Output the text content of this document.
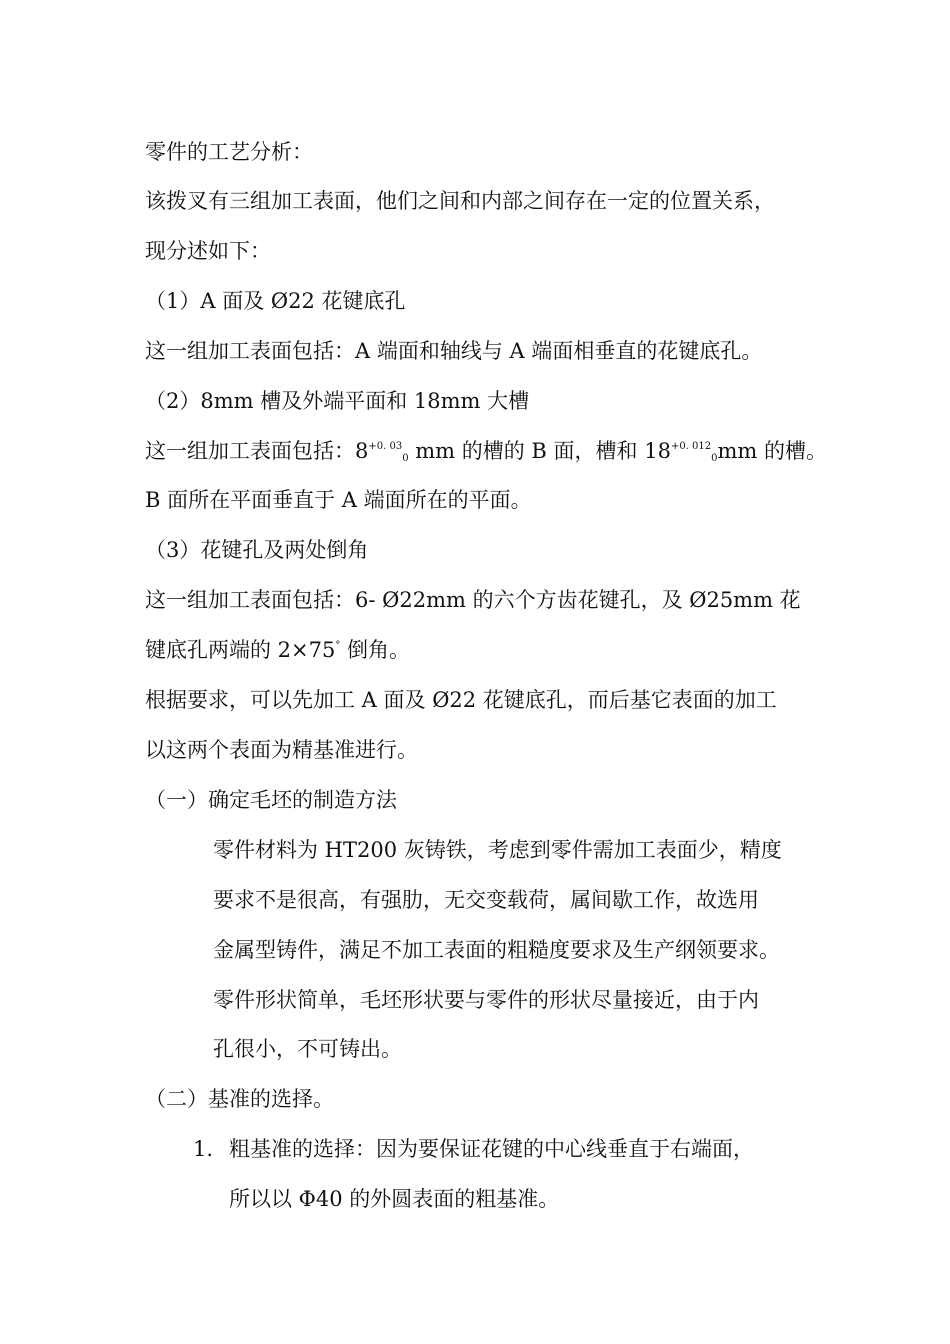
零件的工艺分析：
该拨叉有三组加工表面，他们之间和内部之间存在一定的位置关系，
现分述如下：
（1）A 面及 Ø22 花键底孔
这一组加工表面包括：A 端面和轴线与 A 端面相垂直的花键底孔。
（2）8mm 槽及外端平面和 18mm 大槽
这一组加工表面包括：$8^{+0. 03}_0$ mm 的槽的 B 面，槽和 $18^{+0. 012}_0mm$ 的槽。
B 面所在平面垂直于 A 端面所在的平面。
（3）花键孔及两处倒角
这一组加工表面包括：6- Ø22mm 的六个方齿花键孔，及 Ø25mm 花
键底孔两端的 2×75° 倒角。
根据要求，可以先加工 A 面及 Ø22 花键底孔，而后基它表面的加工
以这两个表面为精基准进行。
（一）确定毛坯的制造方法
零件材料为 HT200 灰铸铁，考虑到零件需加工表面少，精度
要求不是很高，有强肋，无交变载荷，属间歇工作，故选用
金属型铸件，满足不加工表面的粗糙度要求及生产纲领要求。
零件形状简单，毛坯形状要与零件的形状尽量接近，由于内
孔很小，不可铸出。
（二）基准的选择。
1. 粗基准的选择：因为要保证花键的中心线垂直于右端面，
所以以 Φ40 的外圆表面的粗基准。
